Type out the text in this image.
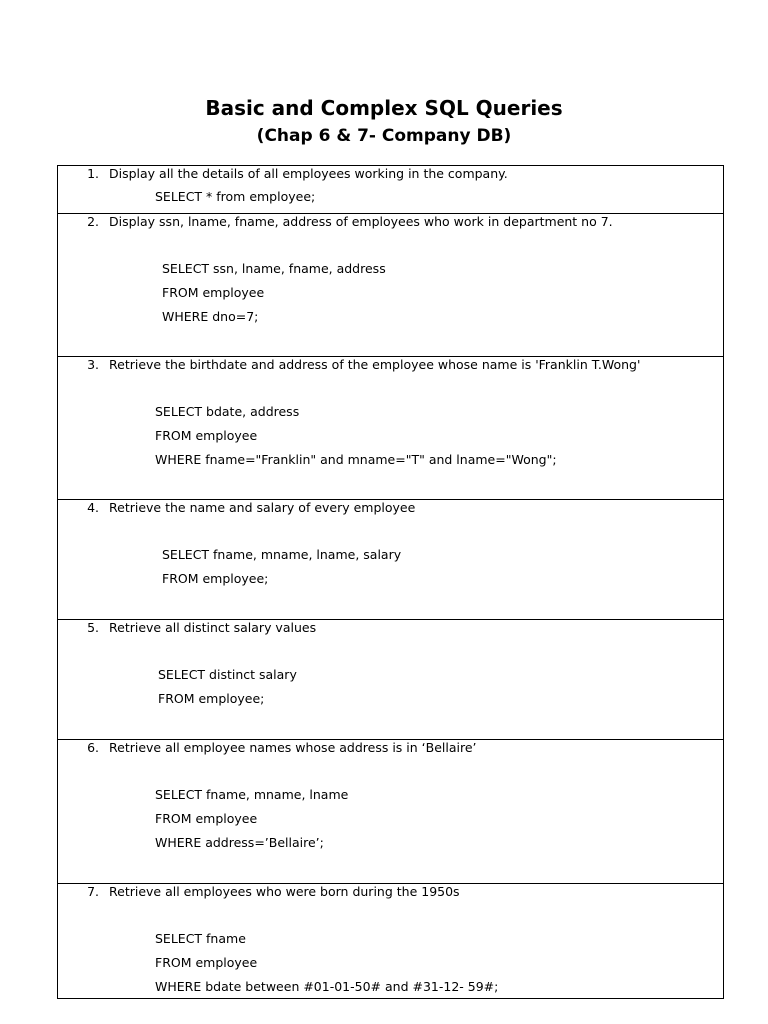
Basic and Complex SQL Queries
(Chap 6 & 7- Company DB)
1. Display all the details of all employees working in the company.
SELECT * from employee;
2. Display ssn, lname, fname, address of employees who work in department no 7.
SELECT ssn, lname, fname, address
FROM employee
WHERE dno=7;
3. Retrieve the birthdate and address of the employee whose name is 'Franklin T.Wong'
SELECT bdate, address
FROM employee
WHERE fname="Franklin" and mname="T" and lname="Wong";
4. Retrieve the name and salary of every employee
SELECT fname, mname, lname, salary
FROM employee;
5. Retrieve all distinct salary values
SELECT distinct salary
FROM employee;
6. Retrieve all employee names whose address is in ‘Bellaire’
SELECT fname, mname, lname
FROM employee
WHERE address=’Bellaire’;
7. Retrieve all employees who were born during the 1950s
SELECT fname
FROM employee
WHERE bdate between #01-01-50# and #31-12- 59#;
